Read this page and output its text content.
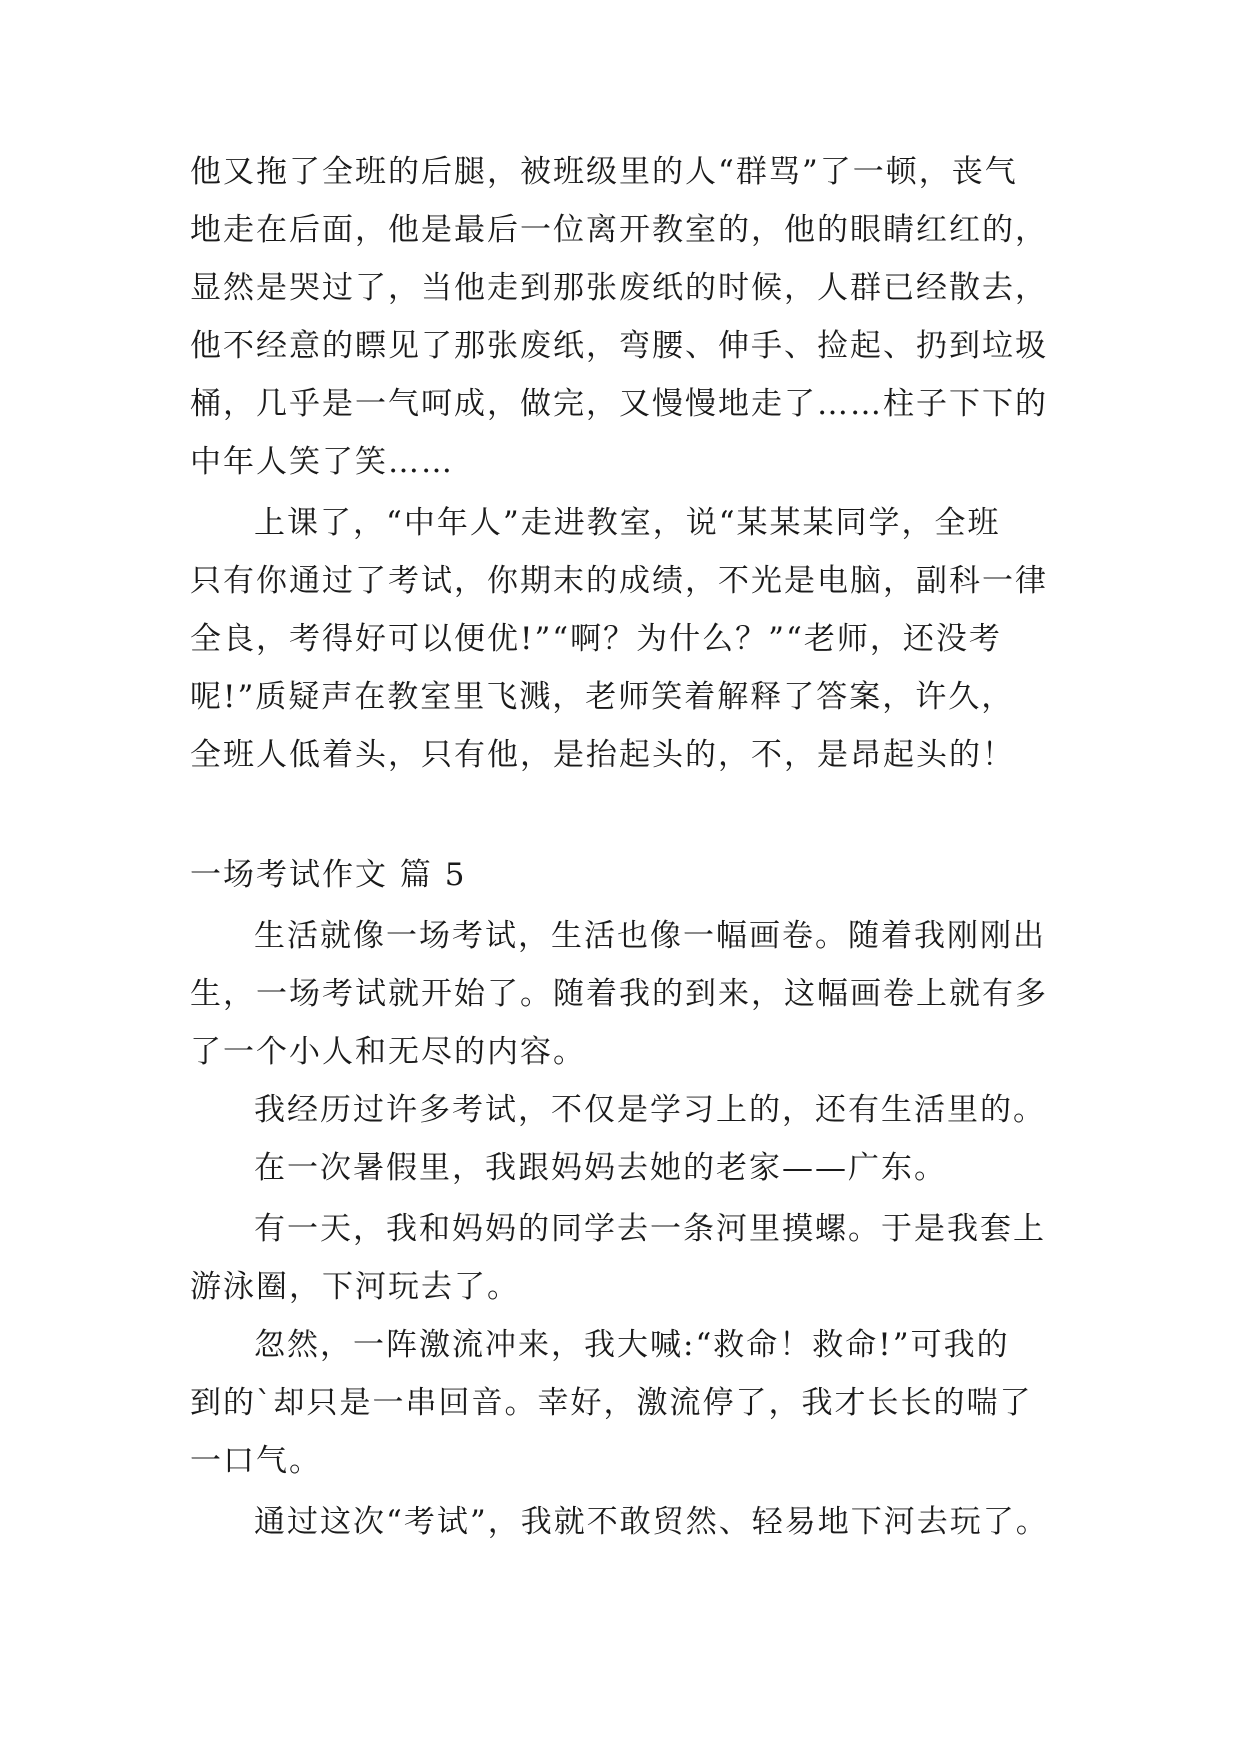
他又拖了全班的后腿，被班级里的人“群骂”了一顿，丧气
地走在后面，他是最后一位离开教室的，他的眼睛红红的，
显然是哭过了，当他走到那张废纸的时候，人群已经散去，
他不经意的瞟见了那张废纸，弯腰、伸手、捡起、扔到垃圾
桶，几乎是一气呵成，做完，又慢慢地走了……柱子下下的
中年人笑了笑……
上课了，“中年人”走进教室，说“某某某同学，全班
只有你通过了考试，你期末的成绩，不光是电脑，副科一律
全良，考得好可以便优!”“啊？为什么？”“老师，还没考
呢!”质疑声在教室里飞溅，老师笑着解释了答案，许久，
全班人低着头，只有他，是抬起头的，不，是昂起头的！
一场考试作文 篇 5
生活就像一场考试，生活也像一幅画卷。随着我刚刚出
生，一场考试就开始了。随着我的到来，这幅画卷上就有多
了一个小人和无尽的内容。
我经历过许多考试，不仅是学习上的，还有生活里的。
在一次暑假里，我跟妈妈去她的老家——广东。
有一天，我和妈妈的同学去一条河里摸螺。于是我套上
游泳圈，下河玩去了。
忽然，一阵激流冲来，我大喊:“救命！救命!”可我的
到的`却只是一串回音。幸好，激流停了，我才长长的喘了
一口气。
通过这次“考试”，我就不敢贸然、轻易地下河去玩了。
